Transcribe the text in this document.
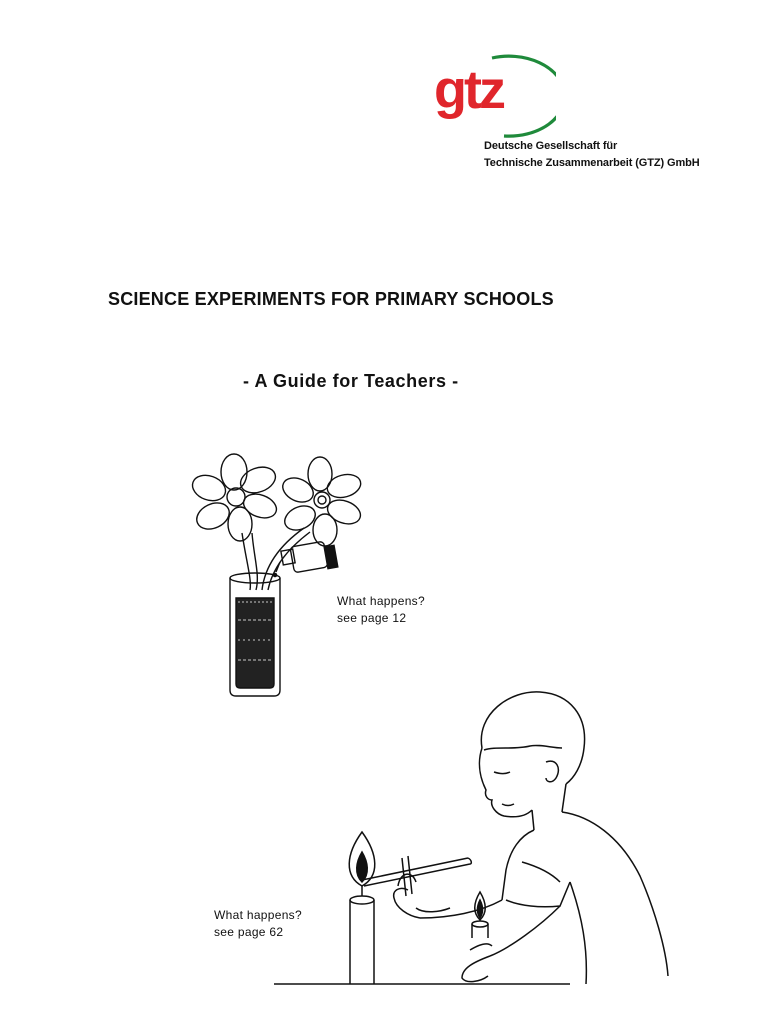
gtz
Deutsche Gesellschaft für
Technische Zusammenarbeit (GTZ) GmbH
SCIENCE EXPERIMENTS FOR PRIMARY SCHOOLS
- A Guide for Teachers -
What happens?
see page 12
What happens?
see page 62
